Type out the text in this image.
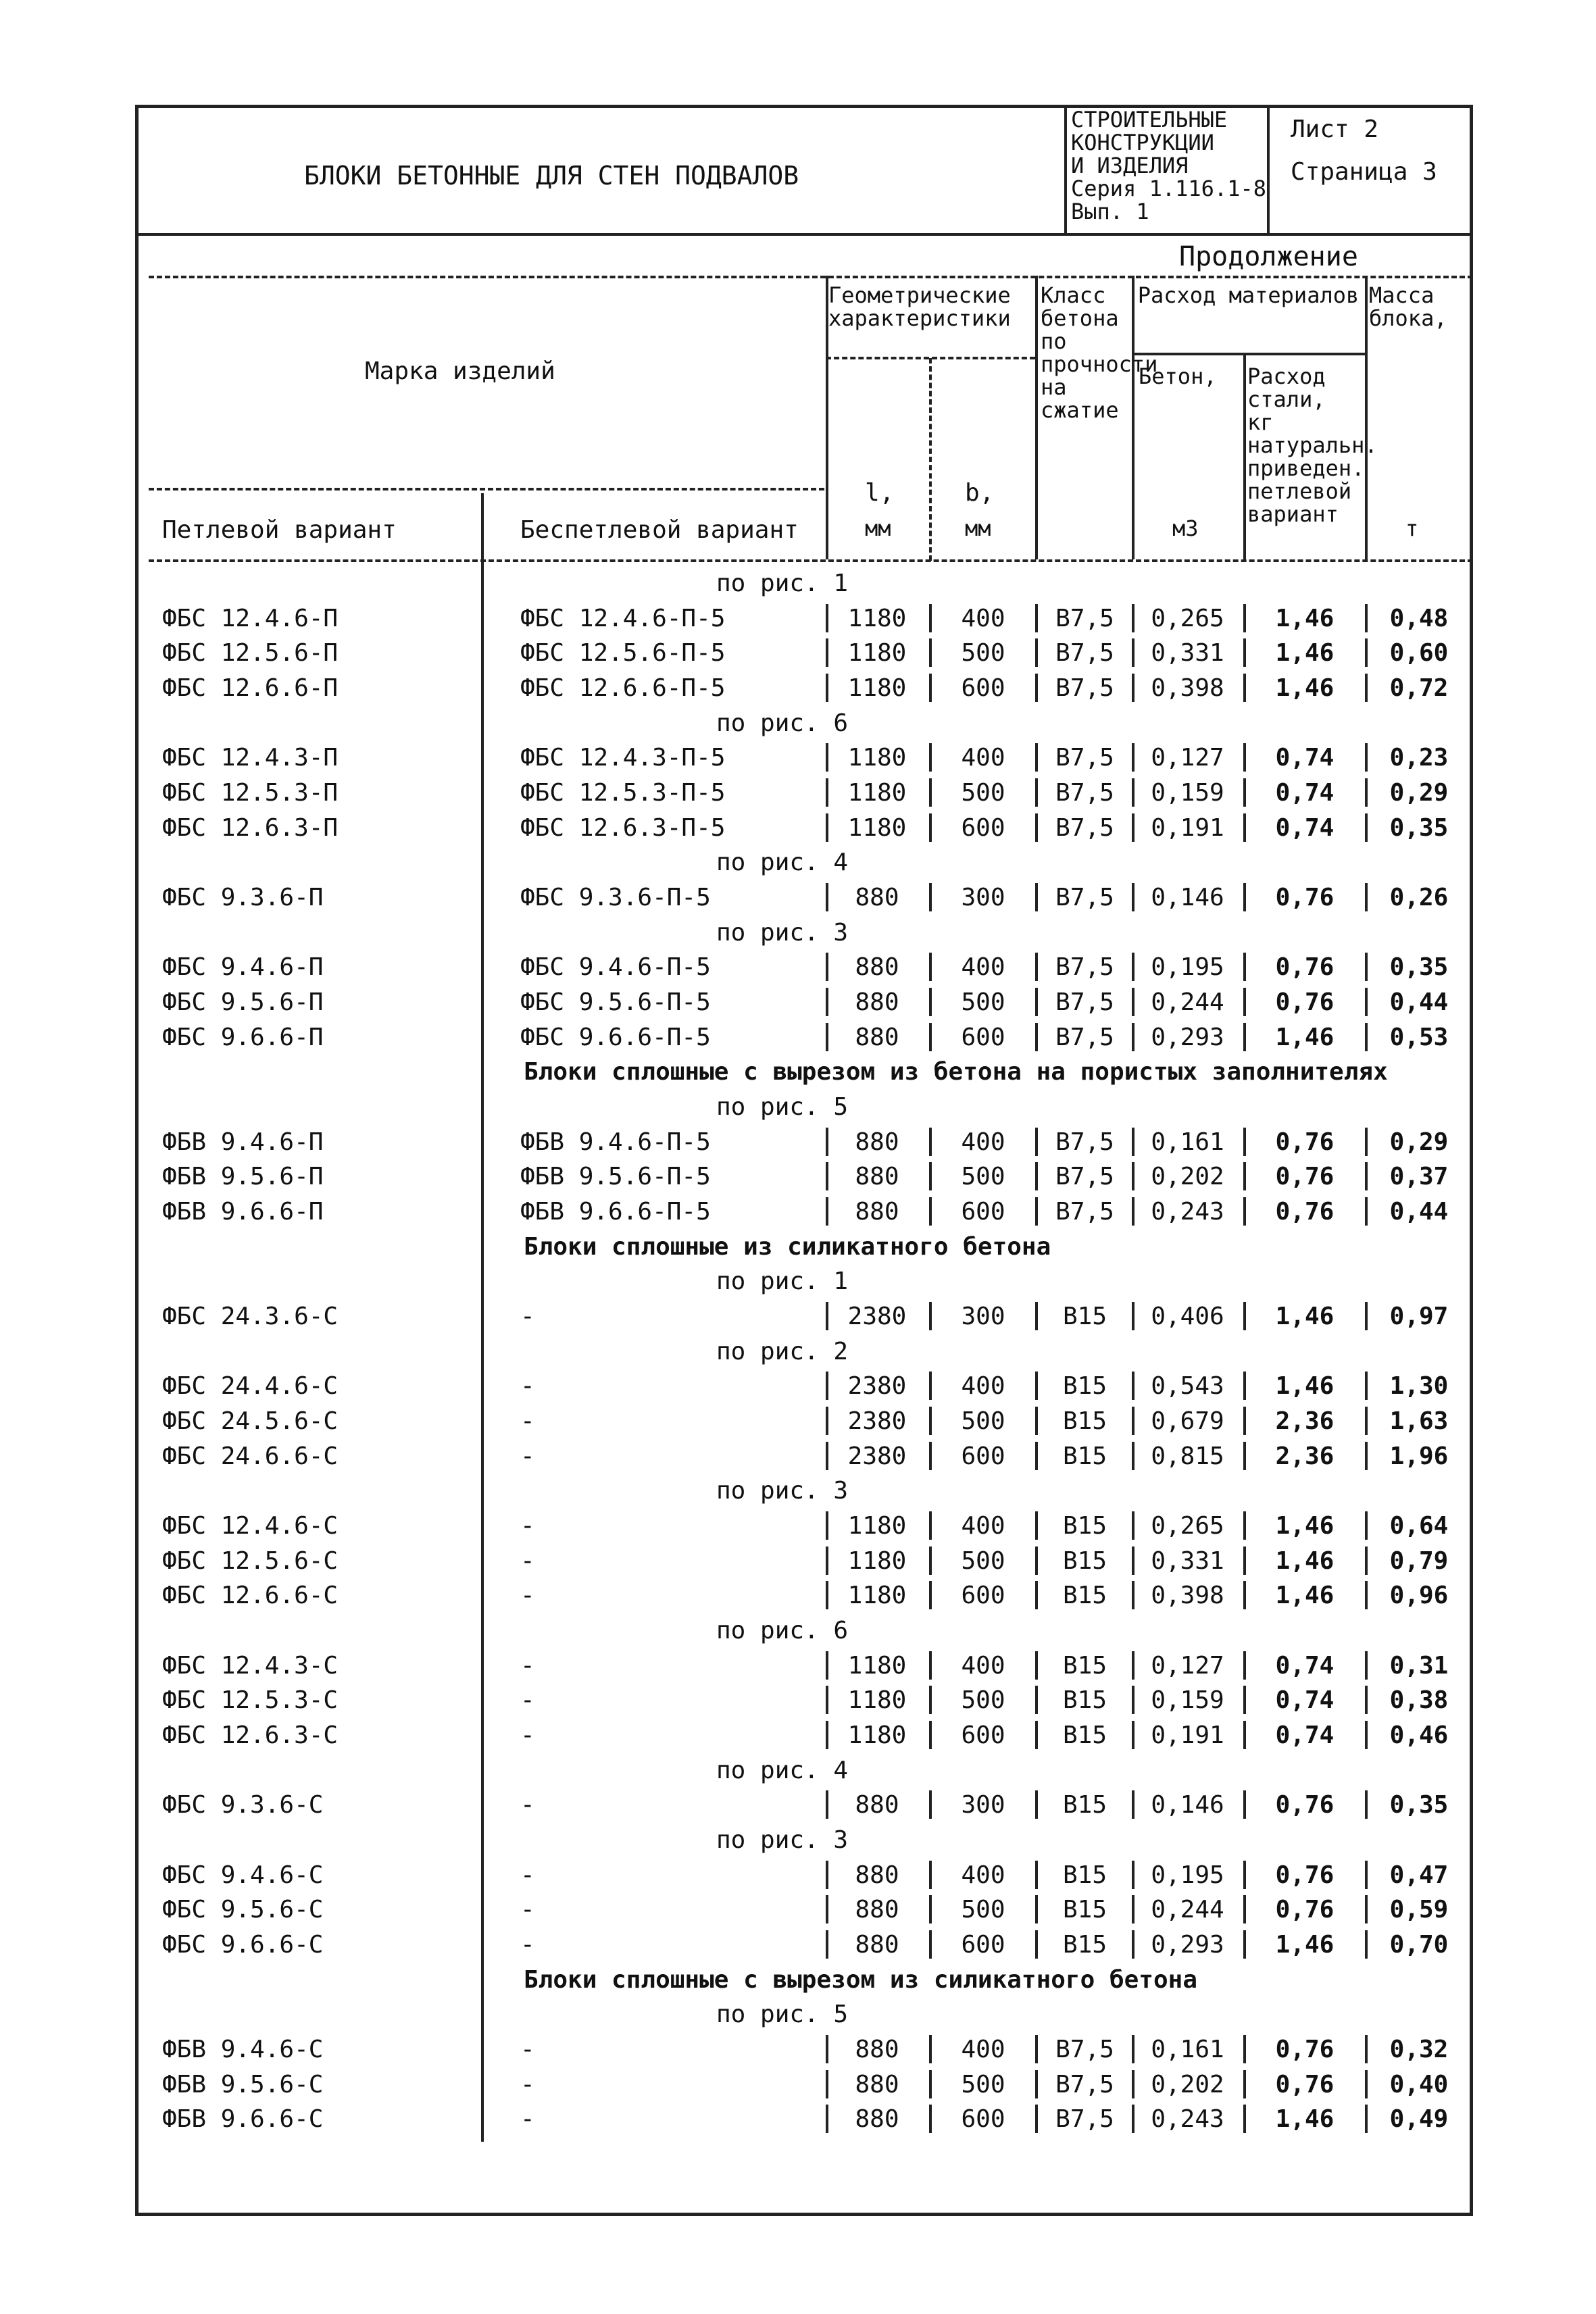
БЛОКИ БЕТОННЫЕ ДЛЯ СТЕН ПОДВАЛОВ
СТРОИТЕЛЬНЫЕ
КОНСТРУКЦИИ
И ИЗДЕЛИЯ
Серия 1.116.1-8
Вып. 1
Лист 2
Страница 3
Продолжение
Марка изделий
Петлевой вариант	Беспетлевой вариант
Геометрические характеристики
l,
мм
b,
мм
Класс бетона по прочности на сжатие
Расход материалов
Бетон,
м3
Расход стали, кг натуральн. приведен. петлевой вариант
Масса блока,
т
по рис. 1
ФБС 12.4.6-П	ФБС 12.4.6-П-5	1180	400	В7,5	0,265	1,46	0,48
ФБС 12.5.6-П	ФБС 12.5.6-П-5	1180	500	В7,5	0,331	1,46	0,60
ФБС 12.6.6-П	ФБС 12.6.6-П-5	1180	600	В7,5	0,398	1,46	0,72
по рис. 6
ФБС 12.4.3-П	ФБС 12.4.3-П-5	1180	400	В7,5	0,127	0,74	0,23
ФБС 12.5.3-П	ФБС 12.5.3-П-5	1180	500	В7,5	0,159	0,74	0,29
ФБС 12.6.3-П	ФБС 12.6.3-П-5	1180	600	В7,5	0,191	0,74	0,35
по рис. 4
ФБС 9.3.6-П	ФБС 9.3.6-П-5	880	300	В7,5	0,146	0,76	0,26
по рис. 3
ФБС 9.4.6-П	ФБС 9.4.6-П-5	880	400	В7,5	0,195	0,76	0,35
ФБС 9.5.6-П	ФБС 9.5.6-П-5	880	500	В7,5	0,244	0,76	0,44
ФБС 9.6.6-П	ФБС 9.6.6-П-5	880	600	В7,5	0,293	1,46	0,53
Блоки сплошные с вырезом из бетона на пористых заполнителях
по рис. 5
ФБВ 9.4.6-П	ФБВ 9.4.6-П-5	880	400	В7,5	0,161	0,76	0,29
ФБВ 9.5.6-П	ФБВ 9.5.6-П-5	880	500	В7,5	0,202	0,76	0,37
ФБВ 9.6.6-П	ФБВ 9.6.6-П-5	880	600	В7,5	0,243	0,76	0,44
Блоки сплошные из силикатного бетона
по рис. 1
ФБС 24.3.6-С	-	2380	300	В15	0,406	1,46	0,97
по рис. 2
ФБС 24.4.6-С	-	2380	400	В15	0,543	1,46	1,30
ФБС 24.5.6-С	-	2380	500	В15	0,679	2,36	1,63
ФБС 24.6.6-С	-	2380	600	В15	0,815	2,36	1,96
по рис. 3
ФБС 12.4.6-С	-	1180	400	В15	0,265	1,46	0,64
ФБС 12.5.6-С	-	1180	500	В15	0,331	1,46	0,79
ФБС 12.6.6-С	-	1180	600	В15	0,398	1,46	0,96
по рис. 6
ФБС 12.4.3-С	-	1180	400	В15	0,127	0,74	0,31
ФБС 12.5.3-С	-	1180	500	В15	0,159	0,74	0,38
ФБС 12.6.3-С	-	1180	600	В15	0,191	0,74	0,46
по рис. 4
ФБС 9.3.6-С	-	880	300	В15	0,146	0,76	0,35
по рис. 3
ФБС 9.4.6-С	-	880	400	В15	0,195	0,76	0,47
ФБС 9.5.6-С	-	880	500	В15	0,244	0,76	0,59
ФБС 9.6.6-С	-	880	600	В15	0,293	1,46	0,70
Блоки сплошные с вырезом из силикатного бетона
по рис. 5
ФБВ 9.4.6-С	-	880	400	В7,5	0,161	0,76	0,32
ФБВ 9.5.6-С	-	880	500	В7,5	0,202	0,76	0,40
ФБВ 9.6.6-С	-	880	600	В7,5	0,243	1,46	0,49
